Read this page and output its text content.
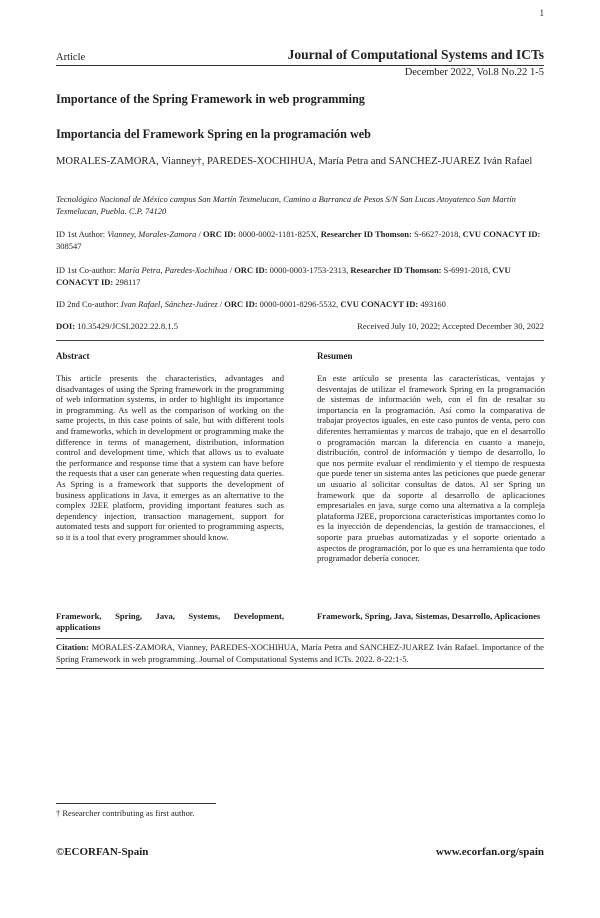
1
Article	Journal of Computational Systems and ICTs
December 2022, Vol.8 No.22 1-5
Importance of the Spring Framework in web programming
Importancia del Framework Spring en la programación web
MORALES-ZAMORA, Vianney†, PAREDES-XOCHIHUA, María Petra and SANCHEZ-JUAREZ Iván Rafael
Tecnológico Nacional de México campus San Martín Texmelucan, Camino a Barranca de Pesos S/N San Lucas Atoyatenco San Martín Texmelucan, Puebla. C.P. 74120
ID 1st Author: Vianney, Morales-Zamora / ORC ID: 0000-0002-1181-825X, Researcher ID Thomson: S-6627-2018, CVU CONACYT ID: 308547
ID 1st Co-author: María Petra, Paredes-Xochihua / ORC ID: 0000-0003-1753-2313, Researcher ID Thomson: S-6991-2018, CVU CONACYT ID: 298117
ID 2nd Co-author: Ivan Rafael, Sánchez-Juárez / ORC ID: 0000-0001-8296-5532, CVU CONACYT ID: 493160
DOI: 10.35429/JCSI.2022.22.8.1.5	Received July 10, 2022; Accepted December 30, 2022
Abstract	Resumen
This article presents the characteristics, advantages and disadvantages of using the Spring framework in the programming of web information systems, in order to highlight its importance in programming. As well as the comparison of working on the same projects, in this case points of sale, but with different tools and frameworks, which in development or programming make the difference in terms of management, distribution, information control and development time, which that allows us to evaluate the performance and response time that a system can have before the requests that a user can generate when requesting data queries. As Spring is a framework that supports the development of business applications in Java, it emerges as an alternative to the complex J2EE platform, providing important features such as dependency injection, transaction management, support for automated tests and support for oriented to programming aspects, so it is a tool that every programmer should know.
En este artículo se presenta las características, ventajas y desventajas de utilizar el framework Spring en la programación de sistemas de información web, con el fin de resaltar su importancia en la programación. Así como la comparativa de trabajar proyectos iguales, en este caso puntos de venta, pero con diferentes herramientas y marcos de trabajo, que en el desarrollo o programación marcan la diferencia en cuanto a manejo, distribución, control de información y tiempo de desarrollo, lo que nos permite evaluar el rendimiento y el tiempo de respuesta que puede tener un sistema antes las peticiones que puede generar un usuario al solicitar consultas de datos. Al ser Spring un framework que da soporte al desarrollo de aplicaciones empresariales en java, surge como una alternativa a la compleja plataforma J2EE, proporciona características importantes como lo es la inyección de dependencias, la gestión de transacciones, el soporte para pruebas automatizadas y el soporte orientado a aspectos de programación, por lo que es una herramienta que todo programador debería conocer.
Framework, Spring, Java, Systems, Development, applications
Framework, Spring, Java, Sistemas, Desarrollo, Aplicaciones
Citation: MORALES-ZAMORA, Vianney, PAREDES-XOCHIHUA, María Petra and SANCHEZ-JUAREZ Iván Rafael. Importance of the Spring Framework in web programming. Journal of Computational Systems and ICTs. 2022. 8-22:1-5.
† Researcher contributing as first author.
©ECORFAN-Spain	www.ecorfan.org/spain
